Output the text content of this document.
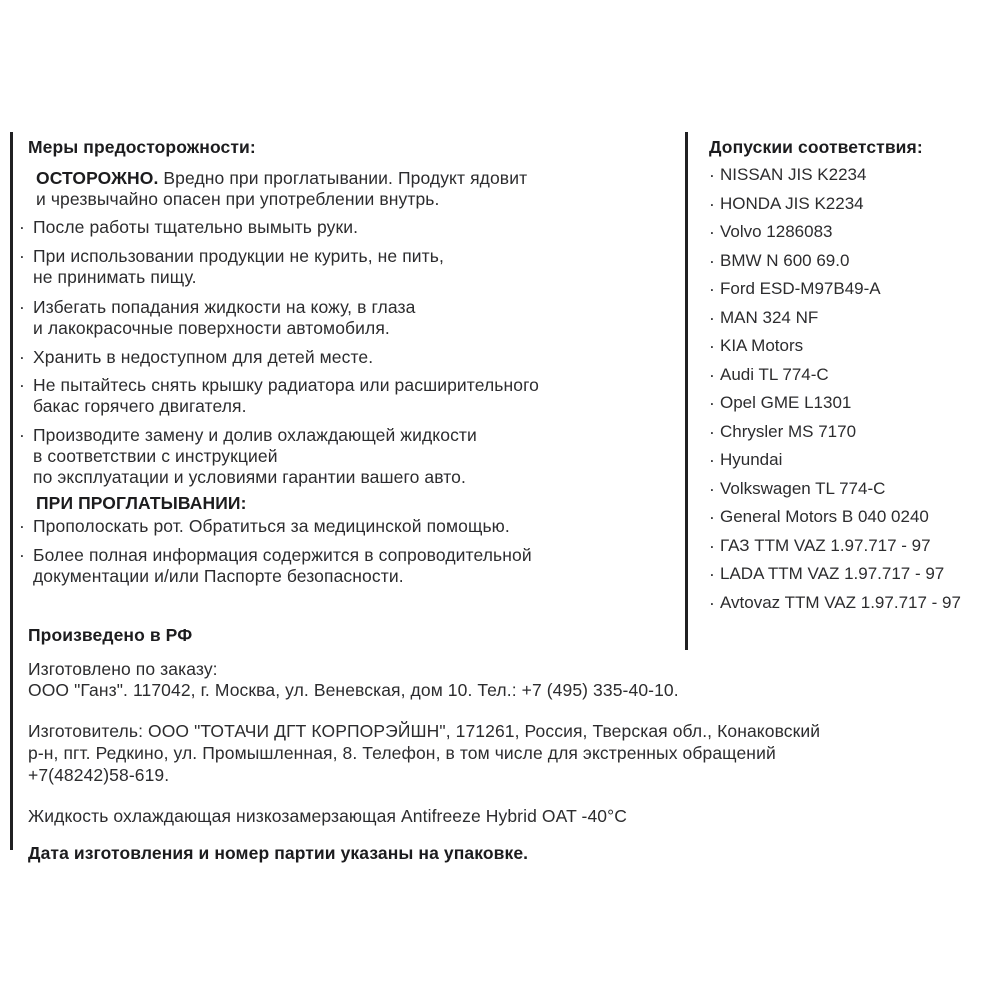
Меры предосторожности:
ОСТОРОЖНО. Вредно при проглатывании. Продукт ядовит
и чрезвычайно опасен при употреблении внутрь.
· После работы тщательно вымыть руки.
· При использовании продукции не курить, не пить,
не принимать пищу.
· Избегать попадания жидкости на кожу, в глаза
и лакокрасочные поверхности автомобиля.
· Хранить в недоступном для детей месте.
· Не пытайтесь снять крышку радиатора или расширительного
бакас горячего двигателя.
· Производите замену и долив охлаждающей жидкости
в соответствии с инструкцией
по эксплуатации и условиями гарантии вашего авто.
ПРИ ПРОГЛАТЫВАНИИ:
· Прополоскать рот. Обратиться за медицинской помощью.
· Более полная информация содержится в сопроводительной
документации и/или Паспорте безопасности.
Допускии соответствия:
· NISSAN JIS K2234
· HONDA JIS K2234
· Volvo 1286083
· BMW N 600 69.0
· Ford ESD-M97B49-A
· MAN 324 NF
· KIA Motors
· Audi TL 774-C
· Opel GME L1301
· Chrysler MS 7170
· Hyundai
· Volkswagen TL 774-C
· General Motors B 040 0240
· ГАЗ ТТМ VAZ 1.97.717 - 97
· LADA TTM VAZ 1.97.717 - 97
· Avtovaz TTM VAZ 1.97.717 - 97
Произведено в РФ
Изготовлено по заказу:
ООО "Ганз". 117042, г. Москва, ул. Веневская, дом 10. Тел.: +7 (495) 335-40-10.
Изготовитель: ООО "ТОТАЧИ ДГТ КОРПОРЭЙШН", 171261, Россия, Тверская обл., Конаковский
р-н, пгт. Редкино, ул. Промышленная, 8. Телефон, в том числе для экстренных обращений
+7(48242)58-619.
Жидкость охлаждающая низкозамерзающая Antifreeze Hybrid OAT -40°C
Дата изготовления и номер партии указаны на упаковке.
